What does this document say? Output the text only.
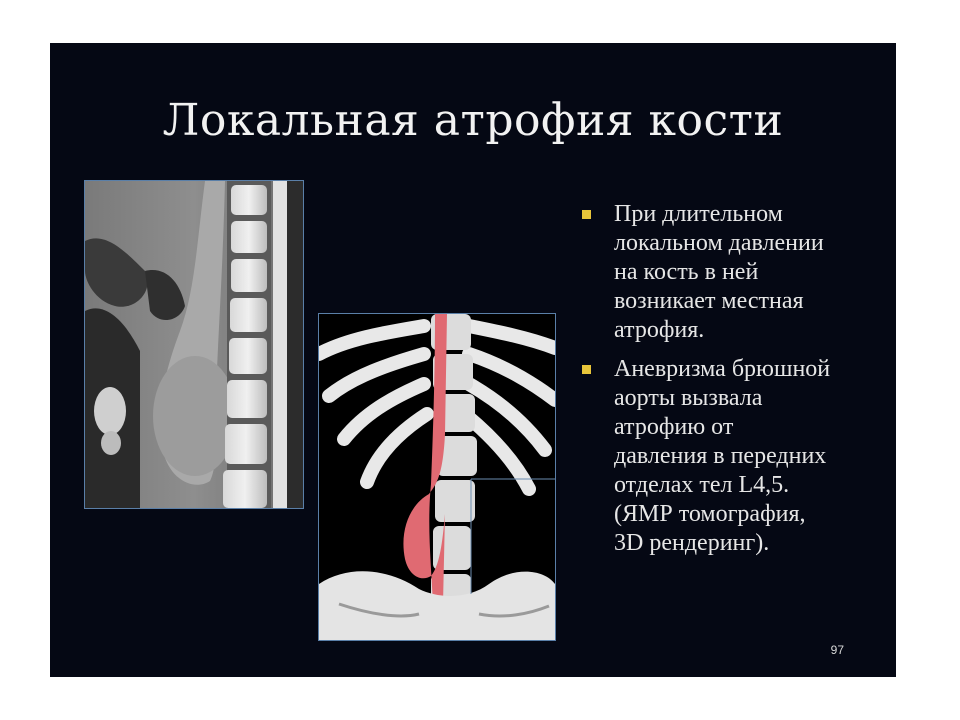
Локальная атрофия кости
При длительном
локальном давлении
на кость в ней
возникает местная
атрофия.
Аневризма брюшной
аорты вызвала
атрофию от
давления в передних
отделах тел L4,5.
(ЯМР томография,
3D рендеринг).
97
